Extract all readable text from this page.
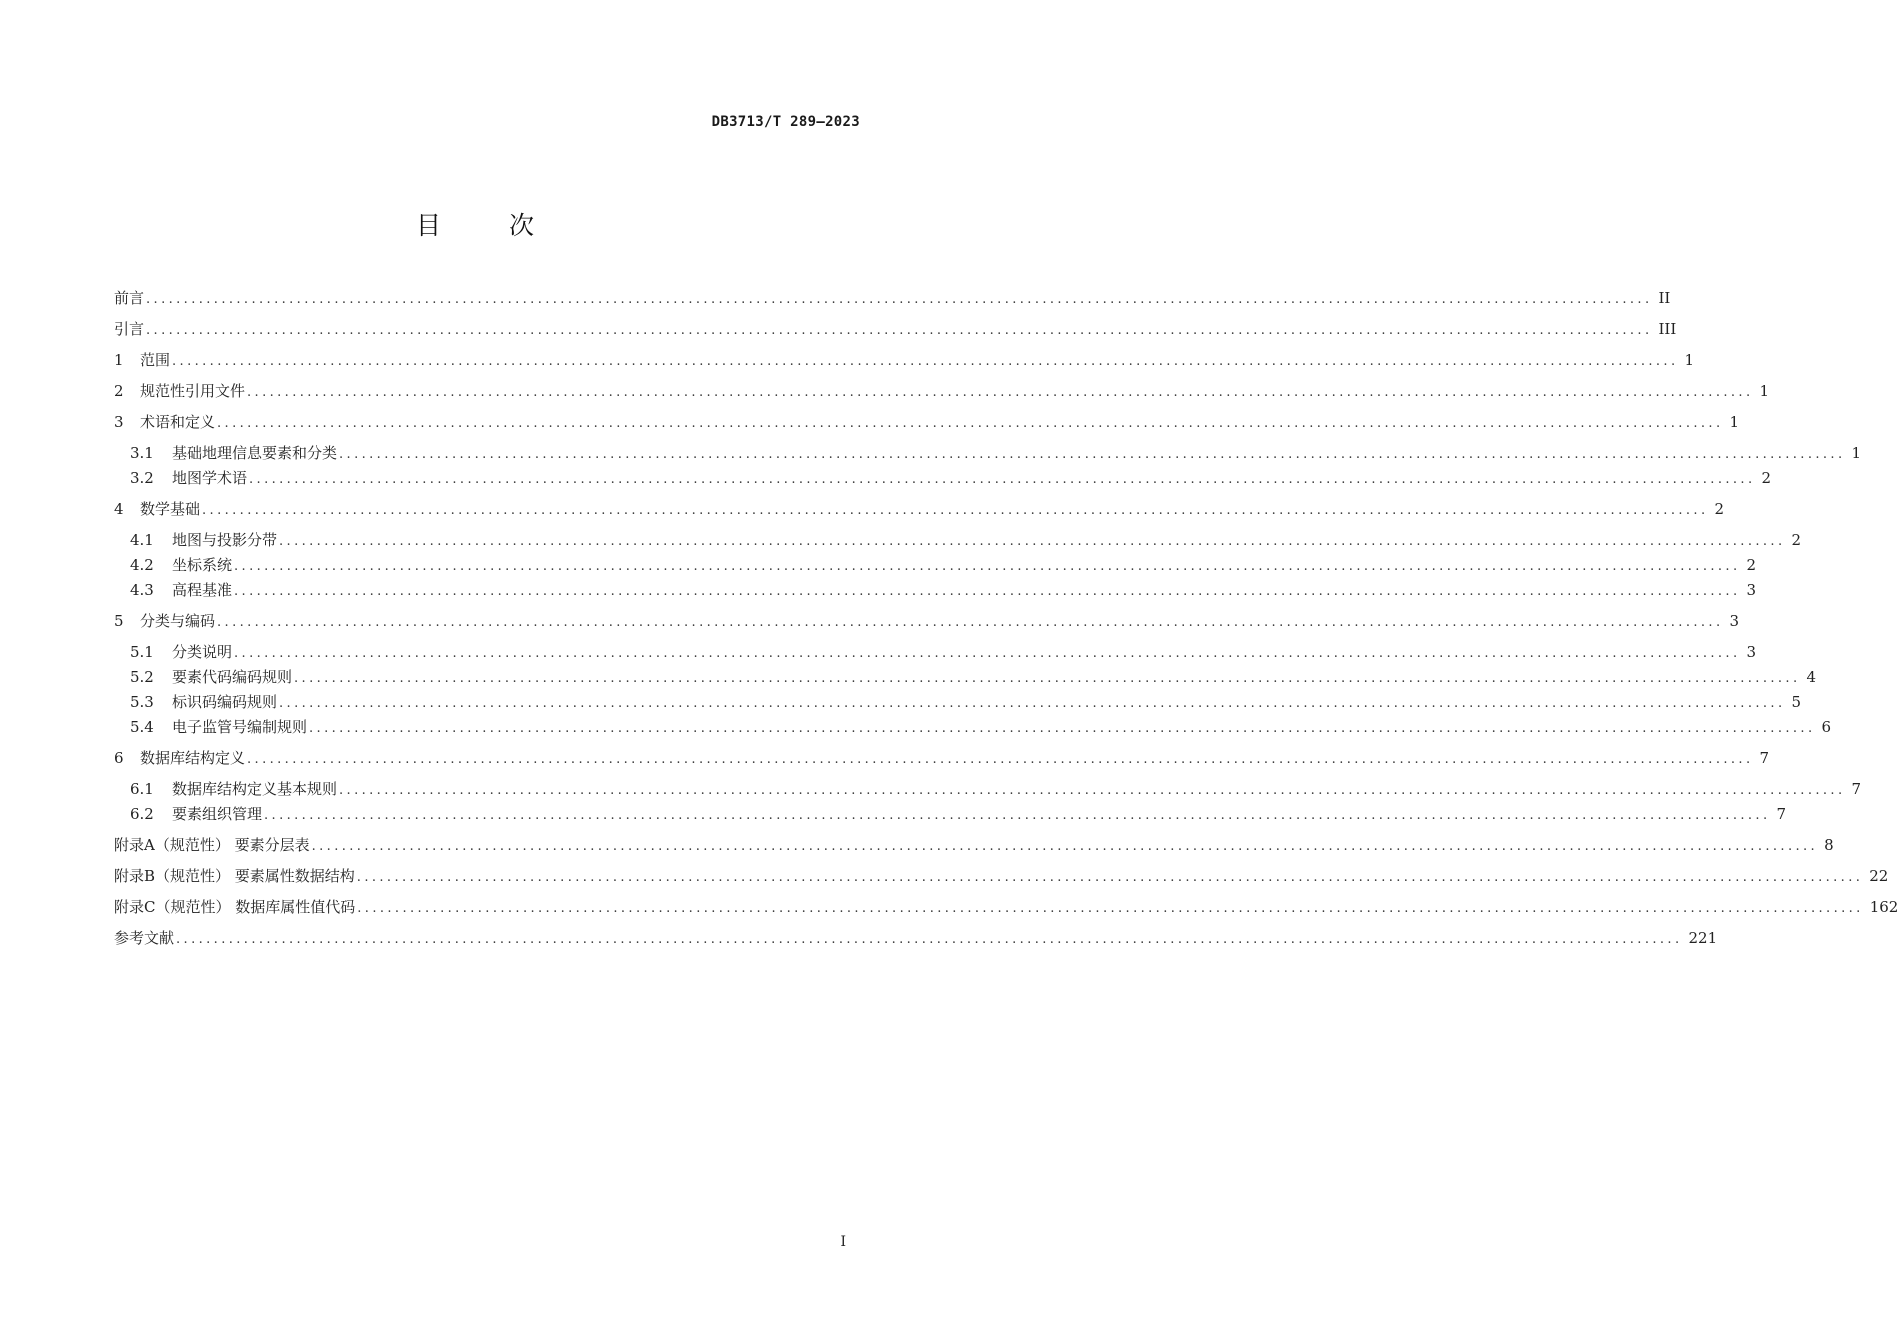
DB3713/T 289—2023
目 次
前言 ........................................................................................................................................................................................................ II
引言 ........................................................................................................................................................................................................ III
1 范围 ........................................................................................................................................................................................................ 1
2 规范性引用文件 ........................................................................................................................................................................................................ 1
3 术语和定义 ........................................................................................................................................................................................................ 1
3.1 基础地理信息要素和分类 ........................................................................................................................................................................................................ 1
3.2 地图学术语 ........................................................................................................................................................................................................ 2
4 数学基础 ........................................................................................................................................................................................................ 2
4.1 地图与投影分带 ........................................................................................................................................................................................................ 2
4.2 坐标系统 ........................................................................................................................................................................................................ 2
4.3 高程基准 ........................................................................................................................................................................................................ 3
5 分类与编码 ........................................................................................................................................................................................................ 3
5.1 分类说明 ........................................................................................................................................................................................................ 3
5.2 要素代码编码规则 ........................................................................................................................................................................................................ 4
5.3 标识码编码规则 ........................................................................................................................................................................................................ 5
5.4 电子监管号编制规则 ........................................................................................................................................................................................................ 6
6 数据库结构定义 ........................................................................................................................................................................................................ 7
6.1 数据库结构定义基本规则 ........................................................................................................................................................................................................ 7
6.2 要素组织管理 ........................................................................................................................................................................................................ 7
附录A（规范性） 要素分层表 ........................................................................................................................................................................................................ 8
附录B（规范性） 要素属性数据结构 ........................................................................................................................................................................................................ 22
附录C（规范性） 数据库属性值代码 ........................................................................................................................................................................................................ 162
参考文献 ........................................................................................................................................................................................................ 221
I
